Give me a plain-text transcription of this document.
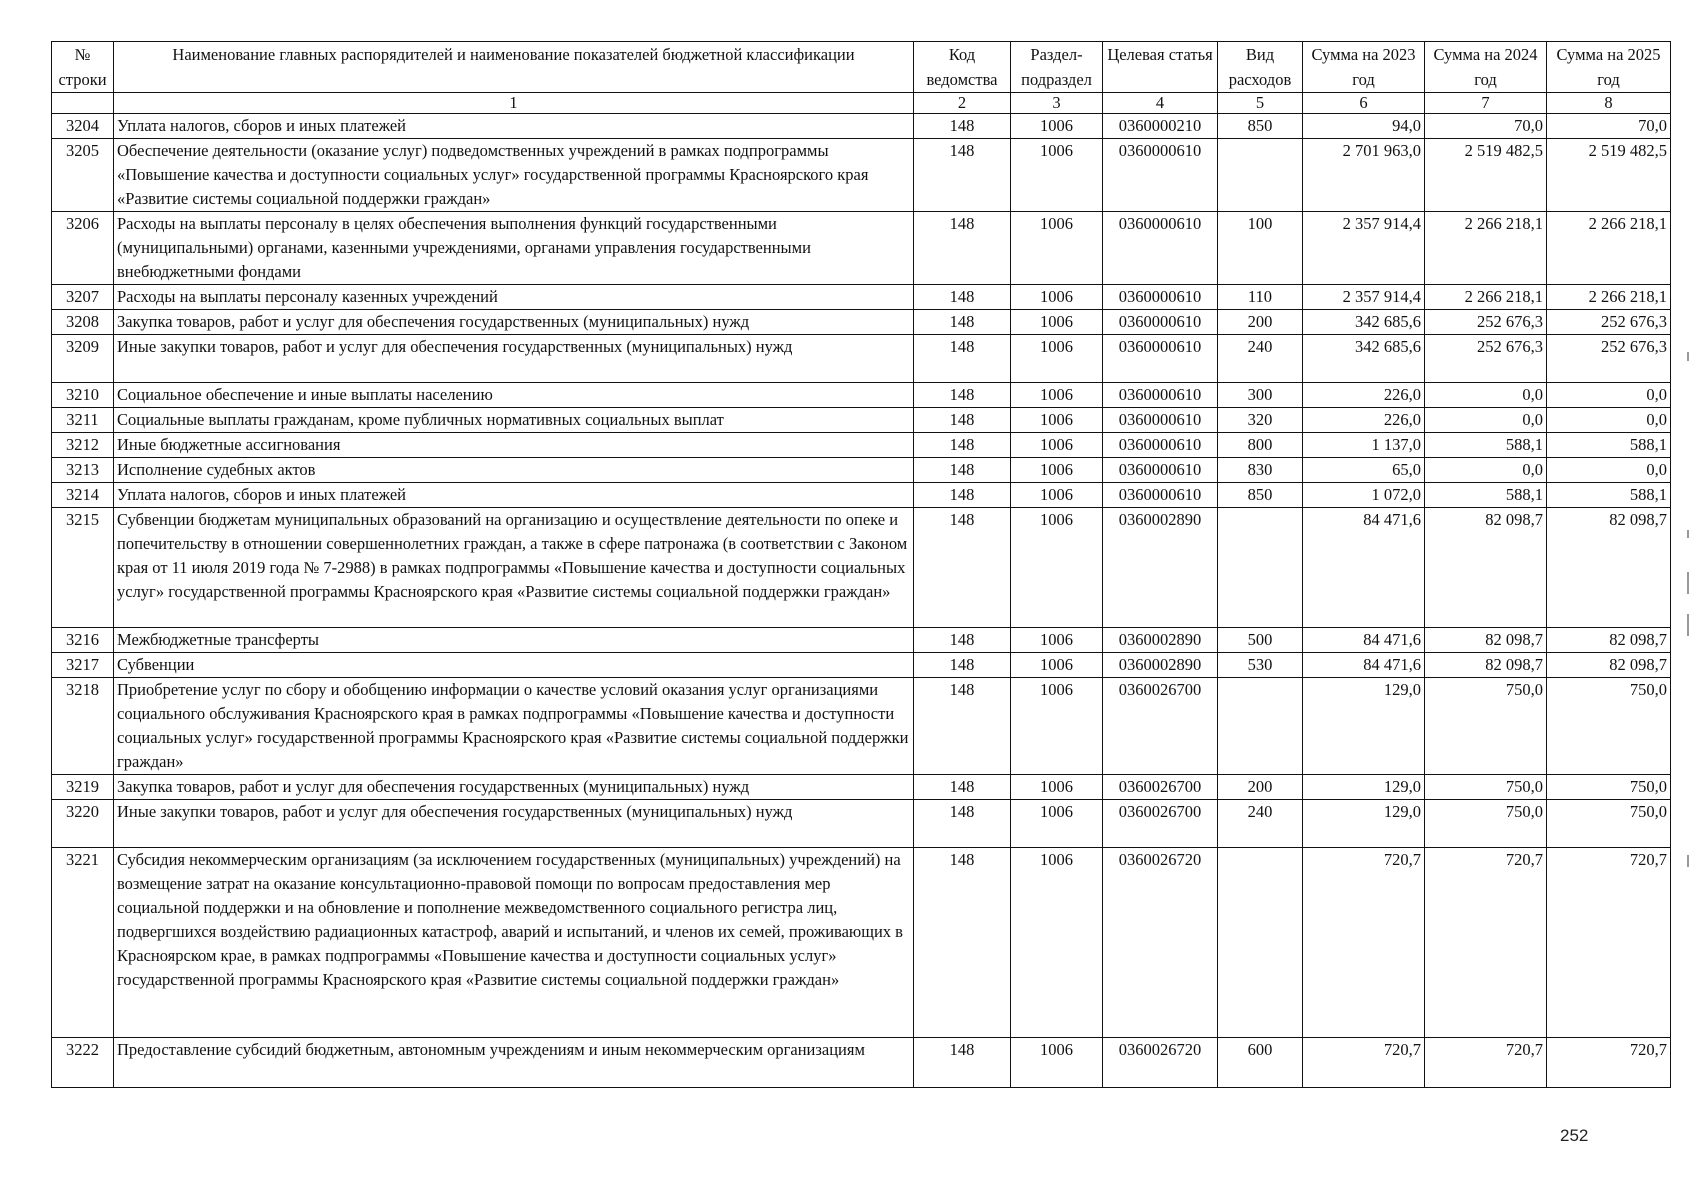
№ строки	Наименование главных распорядителей и наименование показателей бюджетной классификации	Код ведомства	Раздел-подраздел	Целевая статья	Вид расходов	Сумма на 2023 год	Сумма на 2024 год	Сумма на 2025 год
	1	2	3	4	5	6	7	8
3204	Уплата налогов, сборов и иных платежей	148	1006	0360000210	850	94,0	70,0	70,0
3205	Обеспечение деятельности (оказание услуг) подведомственных учреждений в рамках подпрограммы «Повышение качества и доступности социальных услуг» государственной программы Красноярского края «Развитие системы социальной поддержки граждан»	148	1006	0360000610		2 701 963,0	2 519 482,5	2 519 482,5
3206	Расходы на выплаты персоналу в целях обеспечения выполнения функций государственными (муниципальными) органами, казенными учреждениями, органами управления государственными внебюджетными фондами	148	1006	0360000610	100	2 357 914,4	2 266 218,1	2 266 218,1
3207	Расходы на выплаты персоналу казенных учреждений	148	1006	0360000610	110	2 357 914,4	2 266 218,1	2 266 218,1
3208	Закупка товаров, работ и услуг для обеспечения государственных (муниципальных) нужд	148	1006	0360000610	200	342 685,6	252 676,3	252 676,3
3209	Иные закупки товаров, работ и услуг для обеспечения государственных (муниципальных) нужд	148	1006	0360000610	240	342 685,6	252 676,3	252 676,3
3210	Социальное обеспечение и иные выплаты населению	148	1006	0360000610	300	226,0	0,0	0,0
3211	Социальные выплаты гражданам, кроме публичных нормативных социальных выплат	148	1006	0360000610	320	226,0	0,0	0,0
3212	Иные бюджетные ассигнования	148	1006	0360000610	800	1 137,0	588,1	588,1
3213	Исполнение судебных актов	148	1006	0360000610	830	65,0	0,0	0,0
3214	Уплата налогов, сборов и иных платежей	148	1006	0360000610	850	1 072,0	588,1	588,1
3215	Субвенции бюджетам муниципальных образований на организацию и осуществление деятельности по опеке и попечительству в отношении совершеннолетних граждан, а также в сфере патронажа (в соответствии с Законом края от 11 июля 2019 года № 7-2988) в рамках подпрограммы «Повышение качества и доступности социальных услуг» государственной программы Красноярского края «Развитие системы социальной поддержки граждан»	148	1006	0360002890		84 471,6	82 098,7	82 098,7
3216	Межбюджетные трансферты	148	1006	0360002890	500	84 471,6	82 098,7	82 098,7
3217	Субвенции	148	1006	0360002890	530	84 471,6	82 098,7	82 098,7
3218	Приобретение услуг по сбору и обобщению информации о качестве условий оказания услуг организациями социального обслуживания Красноярского края в рамках подпрограммы «Повышение качества и доступности социальных услуг» государственной программы Красноярского края «Развитие системы социальной поддержки граждан»	148	1006	0360026700		129,0	750,0	750,0
3219	Закупка товаров, работ и услуг для обеспечения государственных (муниципальных) нужд	148	1006	0360026700	200	129,0	750,0	750,0
3220	Иные закупки товаров, работ и услуг для обеспечения государственных (муниципальных) нужд	148	1006	0360026700	240	129,0	750,0	750,0
3221	Субсидия некоммерческим организациям (за исключением государственных (муниципальных) учреждений) на возмещение затрат на оказание консультационно-правовой помощи по вопросам предоставления мер социальной поддержки и на обновление и пополнение межведомственного социального регистра лиц, подвергшихся воздействию радиационных катастроф, аварий и испытаний, и членов их семей, проживающих в Красноярском крае, в рамках подпрограммы «Повышение качества и доступности социальных услуг» государственной программы Красноярского края «Развитие системы социальной поддержки граждан»	148	1006	0360026720		720,7	720,7	720,7
3222	Предоставление субсидий бюджетным, автономным учреждениям и иным некоммерческим организациям	148	1006	0360026720	600	720,7	720,7	720,7
252
